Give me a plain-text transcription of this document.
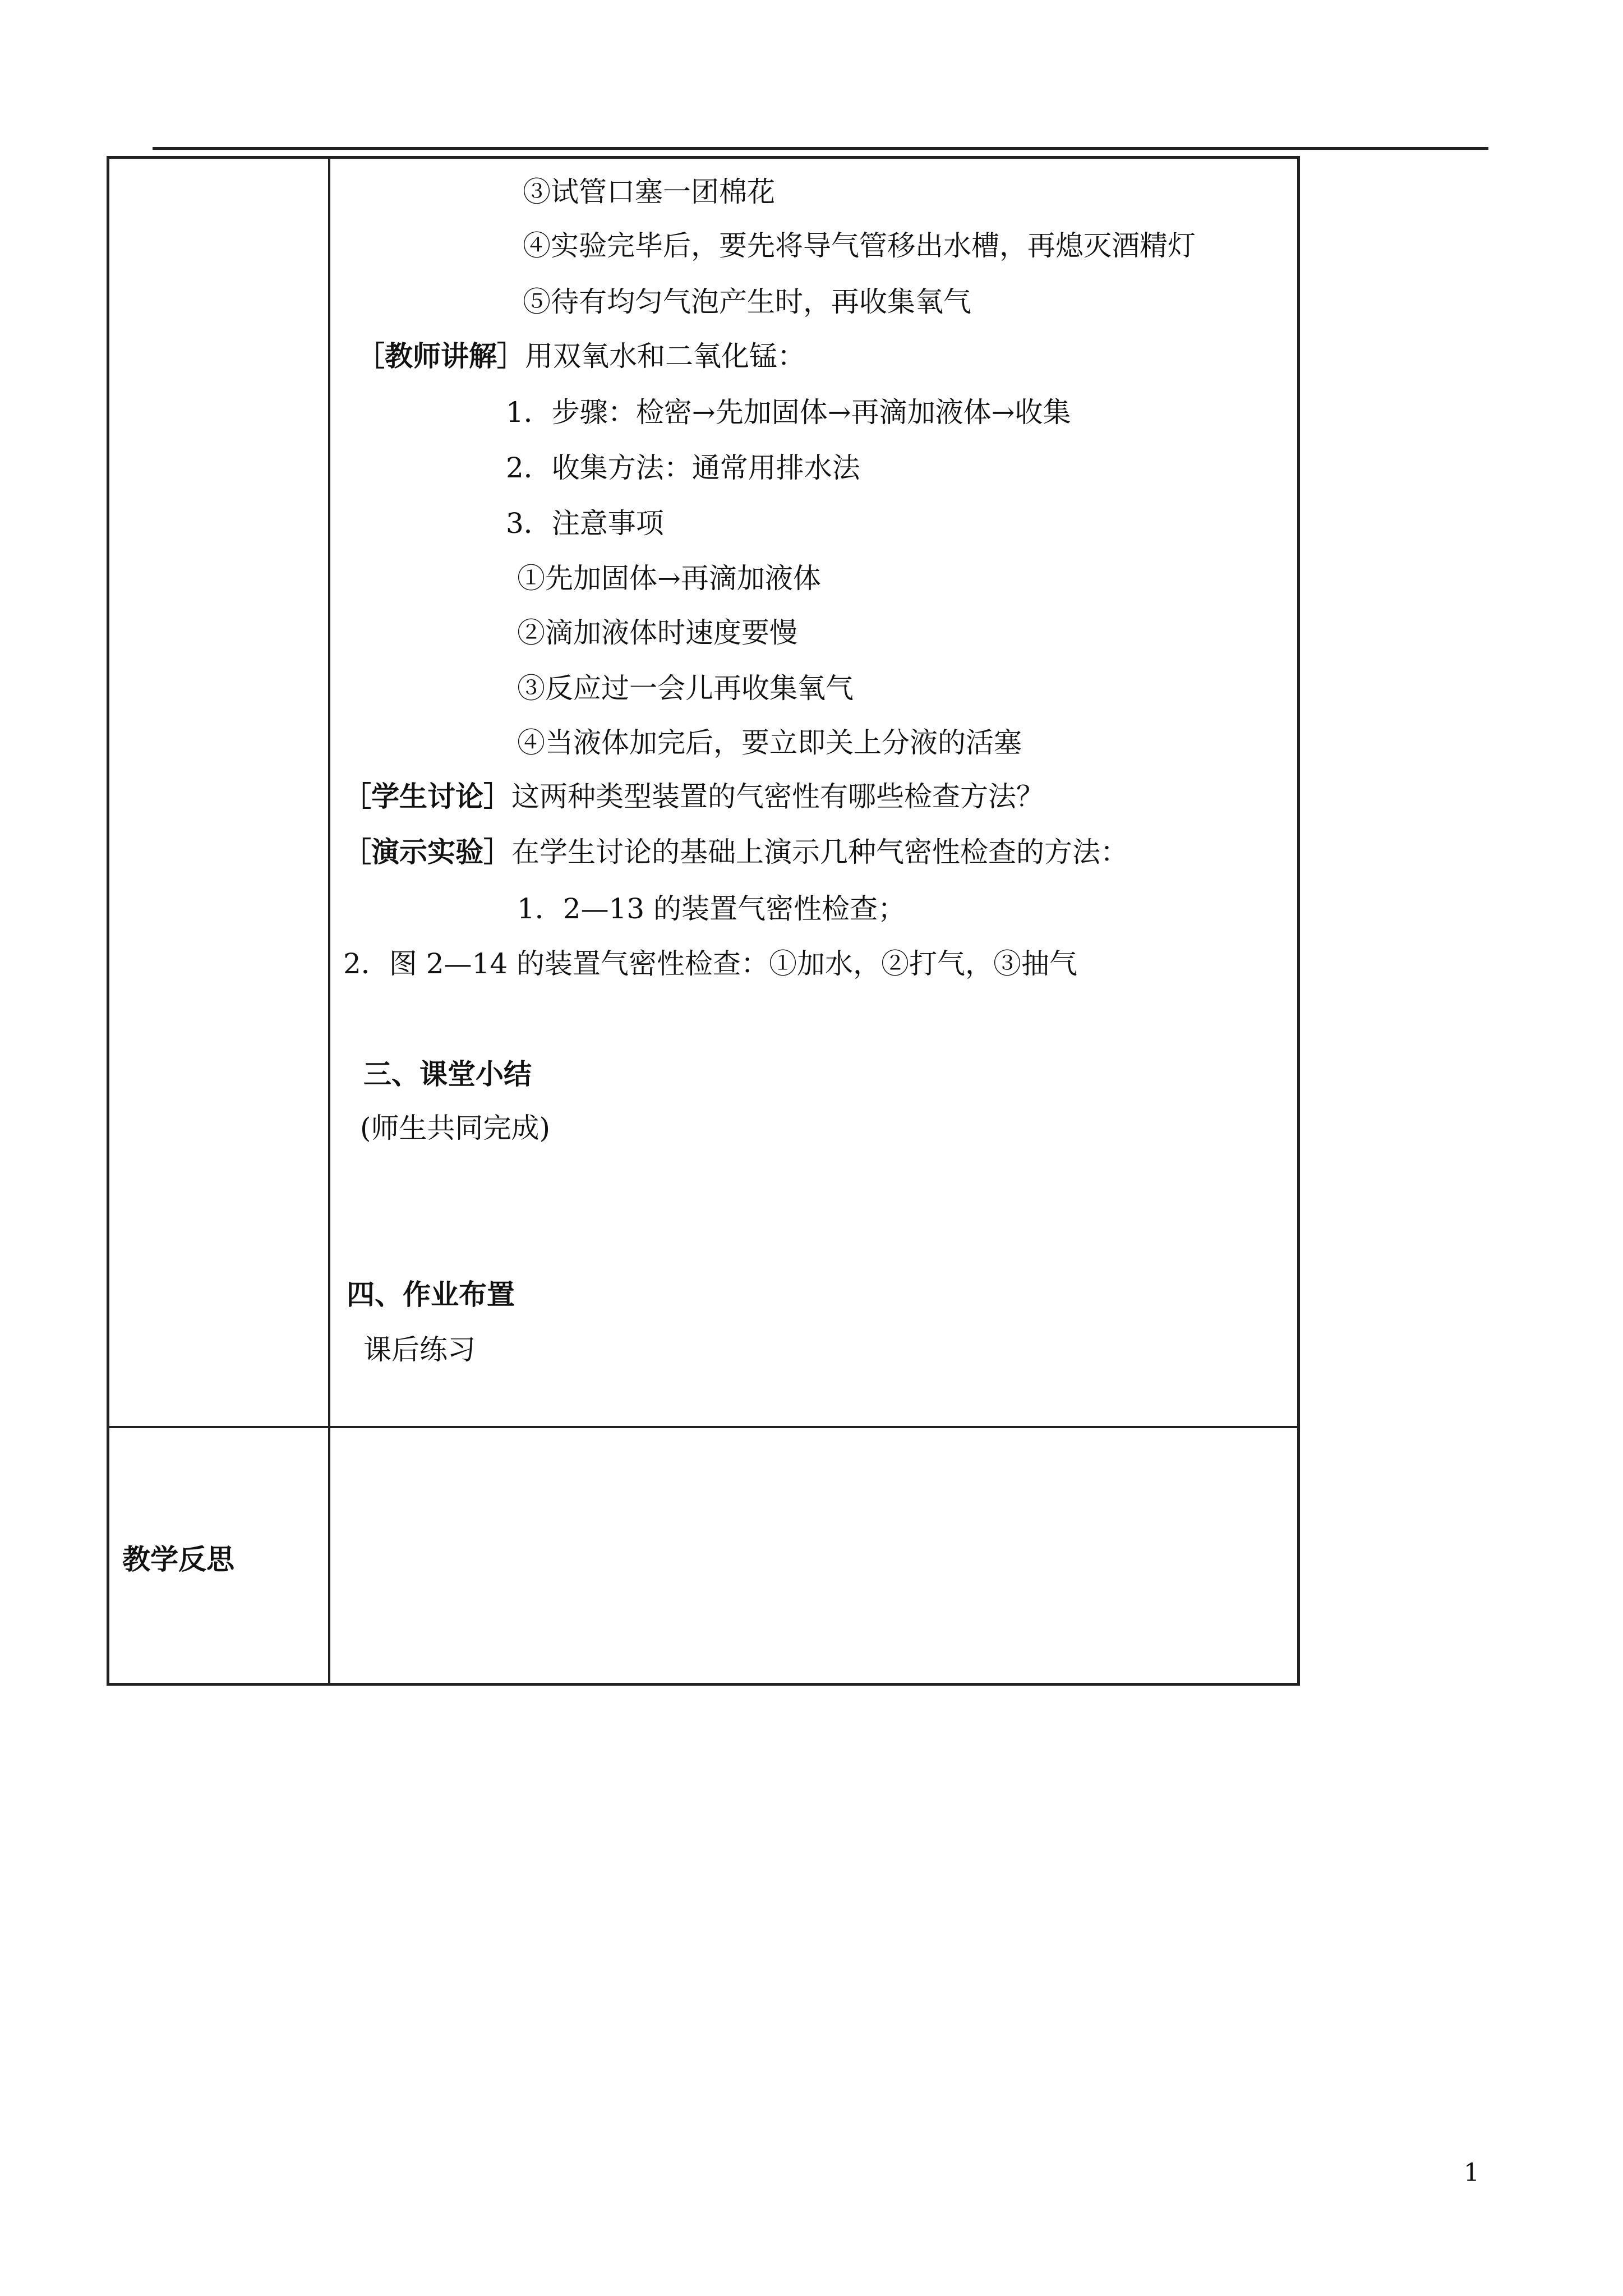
③试管口塞一团棉花
④实验完毕后，要先将导气管移出水槽，再熄灭酒精灯
⑤待有均匀气泡产生时，再收集氧气
［教师讲解］用双氧水和二氧化锰：
1．步骤：检密→先加固体→再滴加液体→收集
2．收集方法：通常用排水法
3．注意事项
①先加固体→再滴加液体
②滴加液体时速度要慢
③反应过一会儿再收集氧气
④当液体加完后，要立即关上分液的活塞
［学生讨论］这两种类型装置的气密性有哪些检查方法？
［演示实验］在学生讨论的基础上演示几种气密性检查的方法：
1．2—13 的装置气密性检查；
2．图 2—14 的装置气密性检查：①加水，②打气，③抽气
三、课堂小结
(师生共同完成)
四、作业布置
课后练习
教学反思
1
